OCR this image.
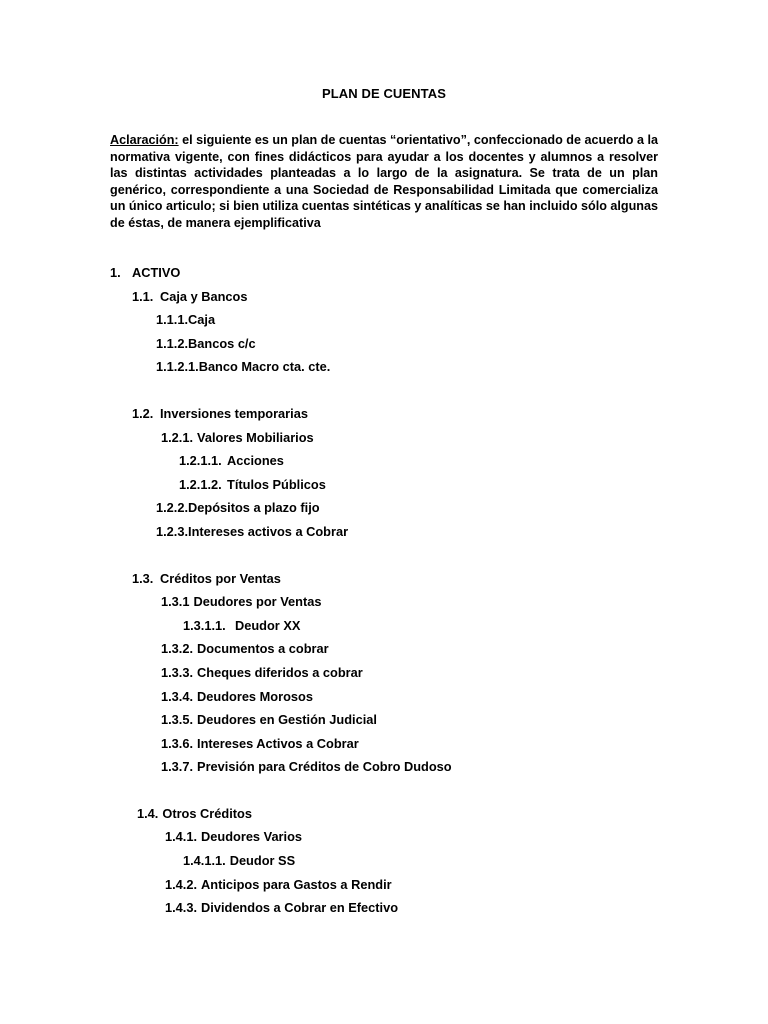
PLAN DE CUENTAS
Aclaración: el siguiente es un plan de cuentas “orientativo”, confeccionado de acuerdo a la normativa vigente, con fines didácticos para ayudar a los docentes y alumnos a resolver las distintas actividades planteadas a lo largo de la asignatura. Se trata de un plan genérico, correspondiente a una Sociedad de Responsabilidad Limitada que comercializa un único articulo; si bien utiliza cuentas sintéticas y analíticas se han incluido sólo algunas de éstas, de manera ejemplificativa
1. ACTIVO
1.1. Caja y Bancos
1.1.1.Caja
1.1.2.Bancos c/c
1.1.2.1.Banco Macro cta. cte.
1.2. Inversiones temporarias
1.2.1. Valores Mobiliarios
1.2.1.1. Acciones
1.2.1.2. Títulos Públicos
1.2.2.Depósitos a plazo fijo
1.2.3.Intereses activos a Cobrar
1.3. Créditos por Ventas
1.3.1 Deudores por Ventas
1.3.1.1. Deudor XX
1.3.2. Documentos a cobrar
1.3.3. Cheques diferidos a cobrar
1.3.4. Deudores Morosos
1.3.5. Deudores en Gestión Judicial
1.3.6. Intereses Activos a Cobrar
1.3.7. Previsión para Créditos de Cobro Dudoso
1.4. Otros Créditos
1.4.1. Deudores Varios
1.4.1.1. Deudor SS
1.4.2. Anticipos para Gastos a Rendir
1.4.3. Dividendos a Cobrar en Efectivo
